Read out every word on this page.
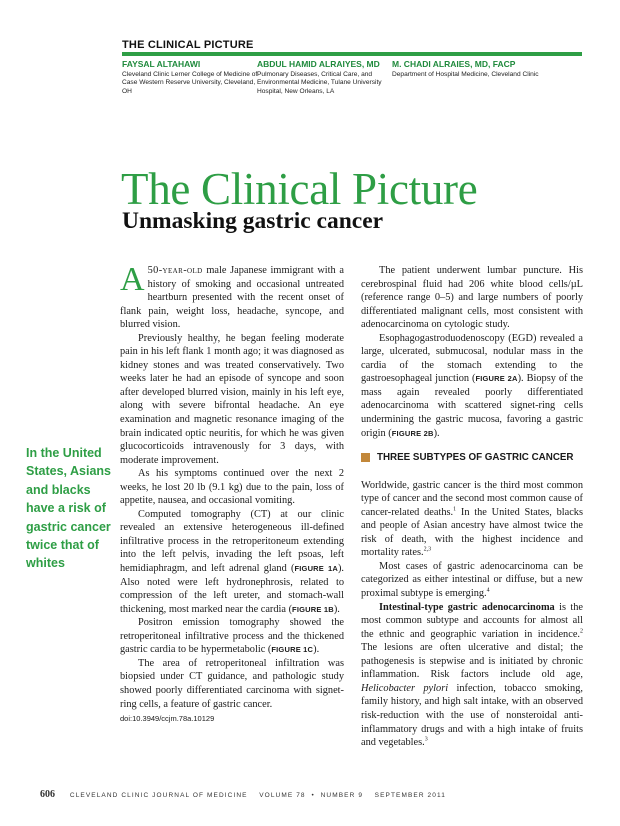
THE CLINICAL PICTURE
FAYSAL ALTAHAWI
Cleveland Clinic Lerner College of Medicine of Case Western Reserve University, Cleveland, OH
ABDUL HAMID ALRAIYES, MD
Pulmonary Diseases, Critical Care, and Environmental Medicine, Tulane University Hospital, New Orleans, LA
M. CHADI ALRAIES, MD, FACP
Department of Hospital Medicine, Cleveland Clinic
The Clinical Picture
Unmasking gastric cancer
In the United States, Asians and blacks have a risk of gastric cancer twice that of whites

A 50-year-old male Japanese immigrant with a history of smoking and occasional untreated heartburn presented with the recent onset of flank pain, weight loss, headache, syncope, and blurred vision.

Previously healthy, he began feeling moderate pain in his left flank 1 month ago; it was diagnosed as kidney stones and was treated conservatively. Two weeks later he had an episode of syncope and soon after developed blurred vision, mainly in his left eye, along with severe bifrontal headache. An eye examination and magnetic resonance imaging of the brain indicated optic neuritis, for which he was given glucocorticoids intravenously for 3 days, with moderate improvement.

As his symptoms continued over the next 2 weeks, he lost 20 lb (9.1 kg) due to the pain, loss of appetite, nausea, and occasional vomiting.

Computed tomography (CT) at our clinic revealed an extensive heterogeneous ill-defined infiltrative process in the retroperitoneum extending into the left pelvis, invading the left psoas, left hemidiaphragm, and left adrenal gland (FIGURE 1A). Also noted were left hydronephrosis, related to compression of the left ureter, and stomach-wall thickening, most marked near the cardia (FIGURE 1B).

Positron emission tomography showed the retroperitoneal infiltrative process and the thickened gastric cardia to be hypermetabolic (FIGURE 1C).

The area of retroperitoneal infiltration was biopsied under CT guidance, and pathologic study showed poorly differentiated carcinoma with signet-ring cells, a feature of gastric cancer.

doi:10.3949/ccjm.78a.10129

The patient underwent lumbar puncture. His cerebrospinal fluid had 206 white blood cells/µL (reference range 0–5) and large numbers of poorly differentiated malignant cells, most consistent with adenocarcinoma on cytologic study.

Esophagogastroduodenoscopy (EGD) revealed a large, ulcerated, submucosal, nodular mass in the cardia of the stomach extending to the gastroesophageal junction (FIGURE 2A). Biopsy of the mass again revealed poorly differentiated adenocarcinoma with scattered signet-ring cells undermining the gastric mucosa, favoring a gastric origin (FIGURE 2B).

THREE SUBTYPES OF GASTRIC CANCER

Worldwide, gastric cancer is the third most common type of cancer and the second most common cause of cancer-related deaths.$^1$ In the United States, blacks and people of Asian ancestry have almost twice the risk of death, with the highest incidence and mortality rates.$^{2,3}$

Most cases of gastric adenocarcinoma can be categorized as either intestinal or diffuse, but a new proximal subtype is emerging.$^4$

Intestinal-type gastric adenocarcinoma is the most common subtype and accounts for almost all the ethnic and geographic variation in incidence.$^2$ The lesions are often ulcerative and distal; the pathogenesis is stepwise and is initiated by chronic inflammation. Risk factors include old age, Helicobacter pylori infection, tobacco smoking, family history, and high salt intake, with an observed risk-reduction with the use of nonsteroidal anti-inflammatory drugs and with a high intake of fruits and vegetables.$^3$

606 CLEVELAND CLINIC JOURNAL OF MEDICINE VOLUME 78 • NUMBER 9 SEPTEMBER 2011
